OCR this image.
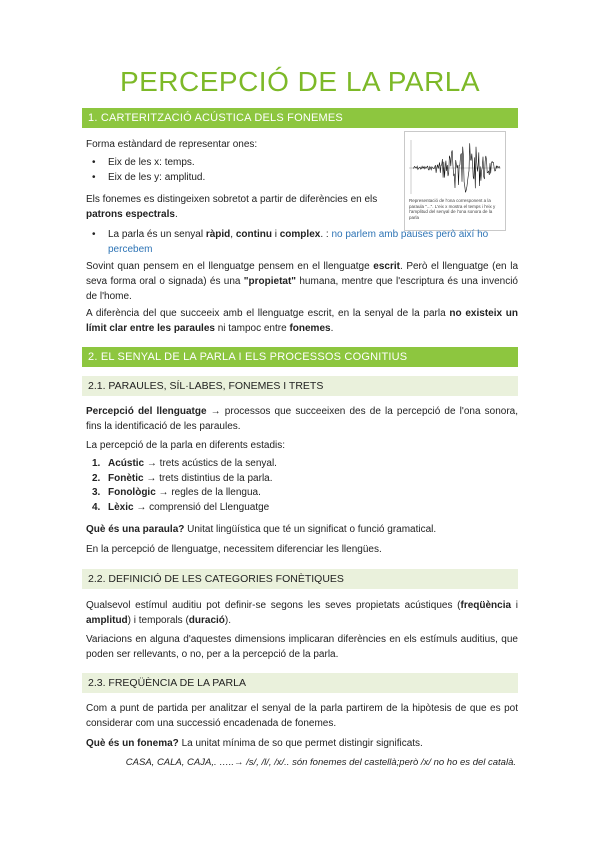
PERCEPCIÓ DE LA PARLA
1. CARTERITZACIÓ ACÚSTICA DELS FONEMES

Forma estàndard de representar ones:

• Eix de les x: temps.
• Eix de les y: amplitud.

Els fonemes es distingeixen sobretot a partir de diferències en els
patrons espectrals.

Representació de l'ona corresponent a la paraula "...". L'eix x mostra el temps i l'eix y l'amplitud del senyal de l'ona sonora de la parla
• La parla és un senyal ràpid, continu i complex. : no parlem amb pauses però així ho percebem

Sovint quan pensem en el llenguatge pensem en el llenguatge escrit. Però el llenguatge (en la seva forma oral o signada) és una "propietat" humana, mentre que l'escriptura és una invenció de l'home.

A diferència del que succeeix amb el llenguatge escrit, en la senyal de la parla no existeix un límit clar entre les paraules ni tampoc entre fonemes.

2. EL SENYAL DE LA PARLA I ELS PROCESSOS COGNITIUS
2.1. PARAULES, SÍL·LABES, FONEMES I TRETS

Percepció del llenguatge → processos que succeeixen des de la percepció de l'ona sonora, fins la identificació de les paraules.

La percepció de la parla en diferents estadis:

1. Acústic → trets acústics de la senyal.
2. Fonètic → trets distintius de la parla.
3. Fonològic → regles de la llengua.
4. Lèxic → comprensió del Llenguatge

Què és una paraula? Unitat lingüística que té un significat o funció gramatical.

En la percepció de llenguatge, necessitem diferenciar les llengües.

2.2. DEFINICIÓ DE LES CATEGORIES FONÈTIQUES

Qualsevol estímul auditiu pot definir-se segons les seves propietats acústiques (freqüència i amplitud) i temporals (duració).

Variacions en alguna d'aquestes dimensions implicaran diferències en els estímuls auditius, que poden ser rellevants, o no, per a la percepció de la parla.

2.3. FREQÜÈNCIA DE LA PARLA

Com a punt de partida per analitzar el senyal de la parla partirem de la hipòtesis de que es pot considerar com una successió encadenada de fonemes.

Què és un fonema? La unitat mínima de so que permet distingir significats.

CASA, CALA, CAJA,. …..→ /s/, /l/, /x/.. són fonemes del castellà;però /x/ no ho es del català.
